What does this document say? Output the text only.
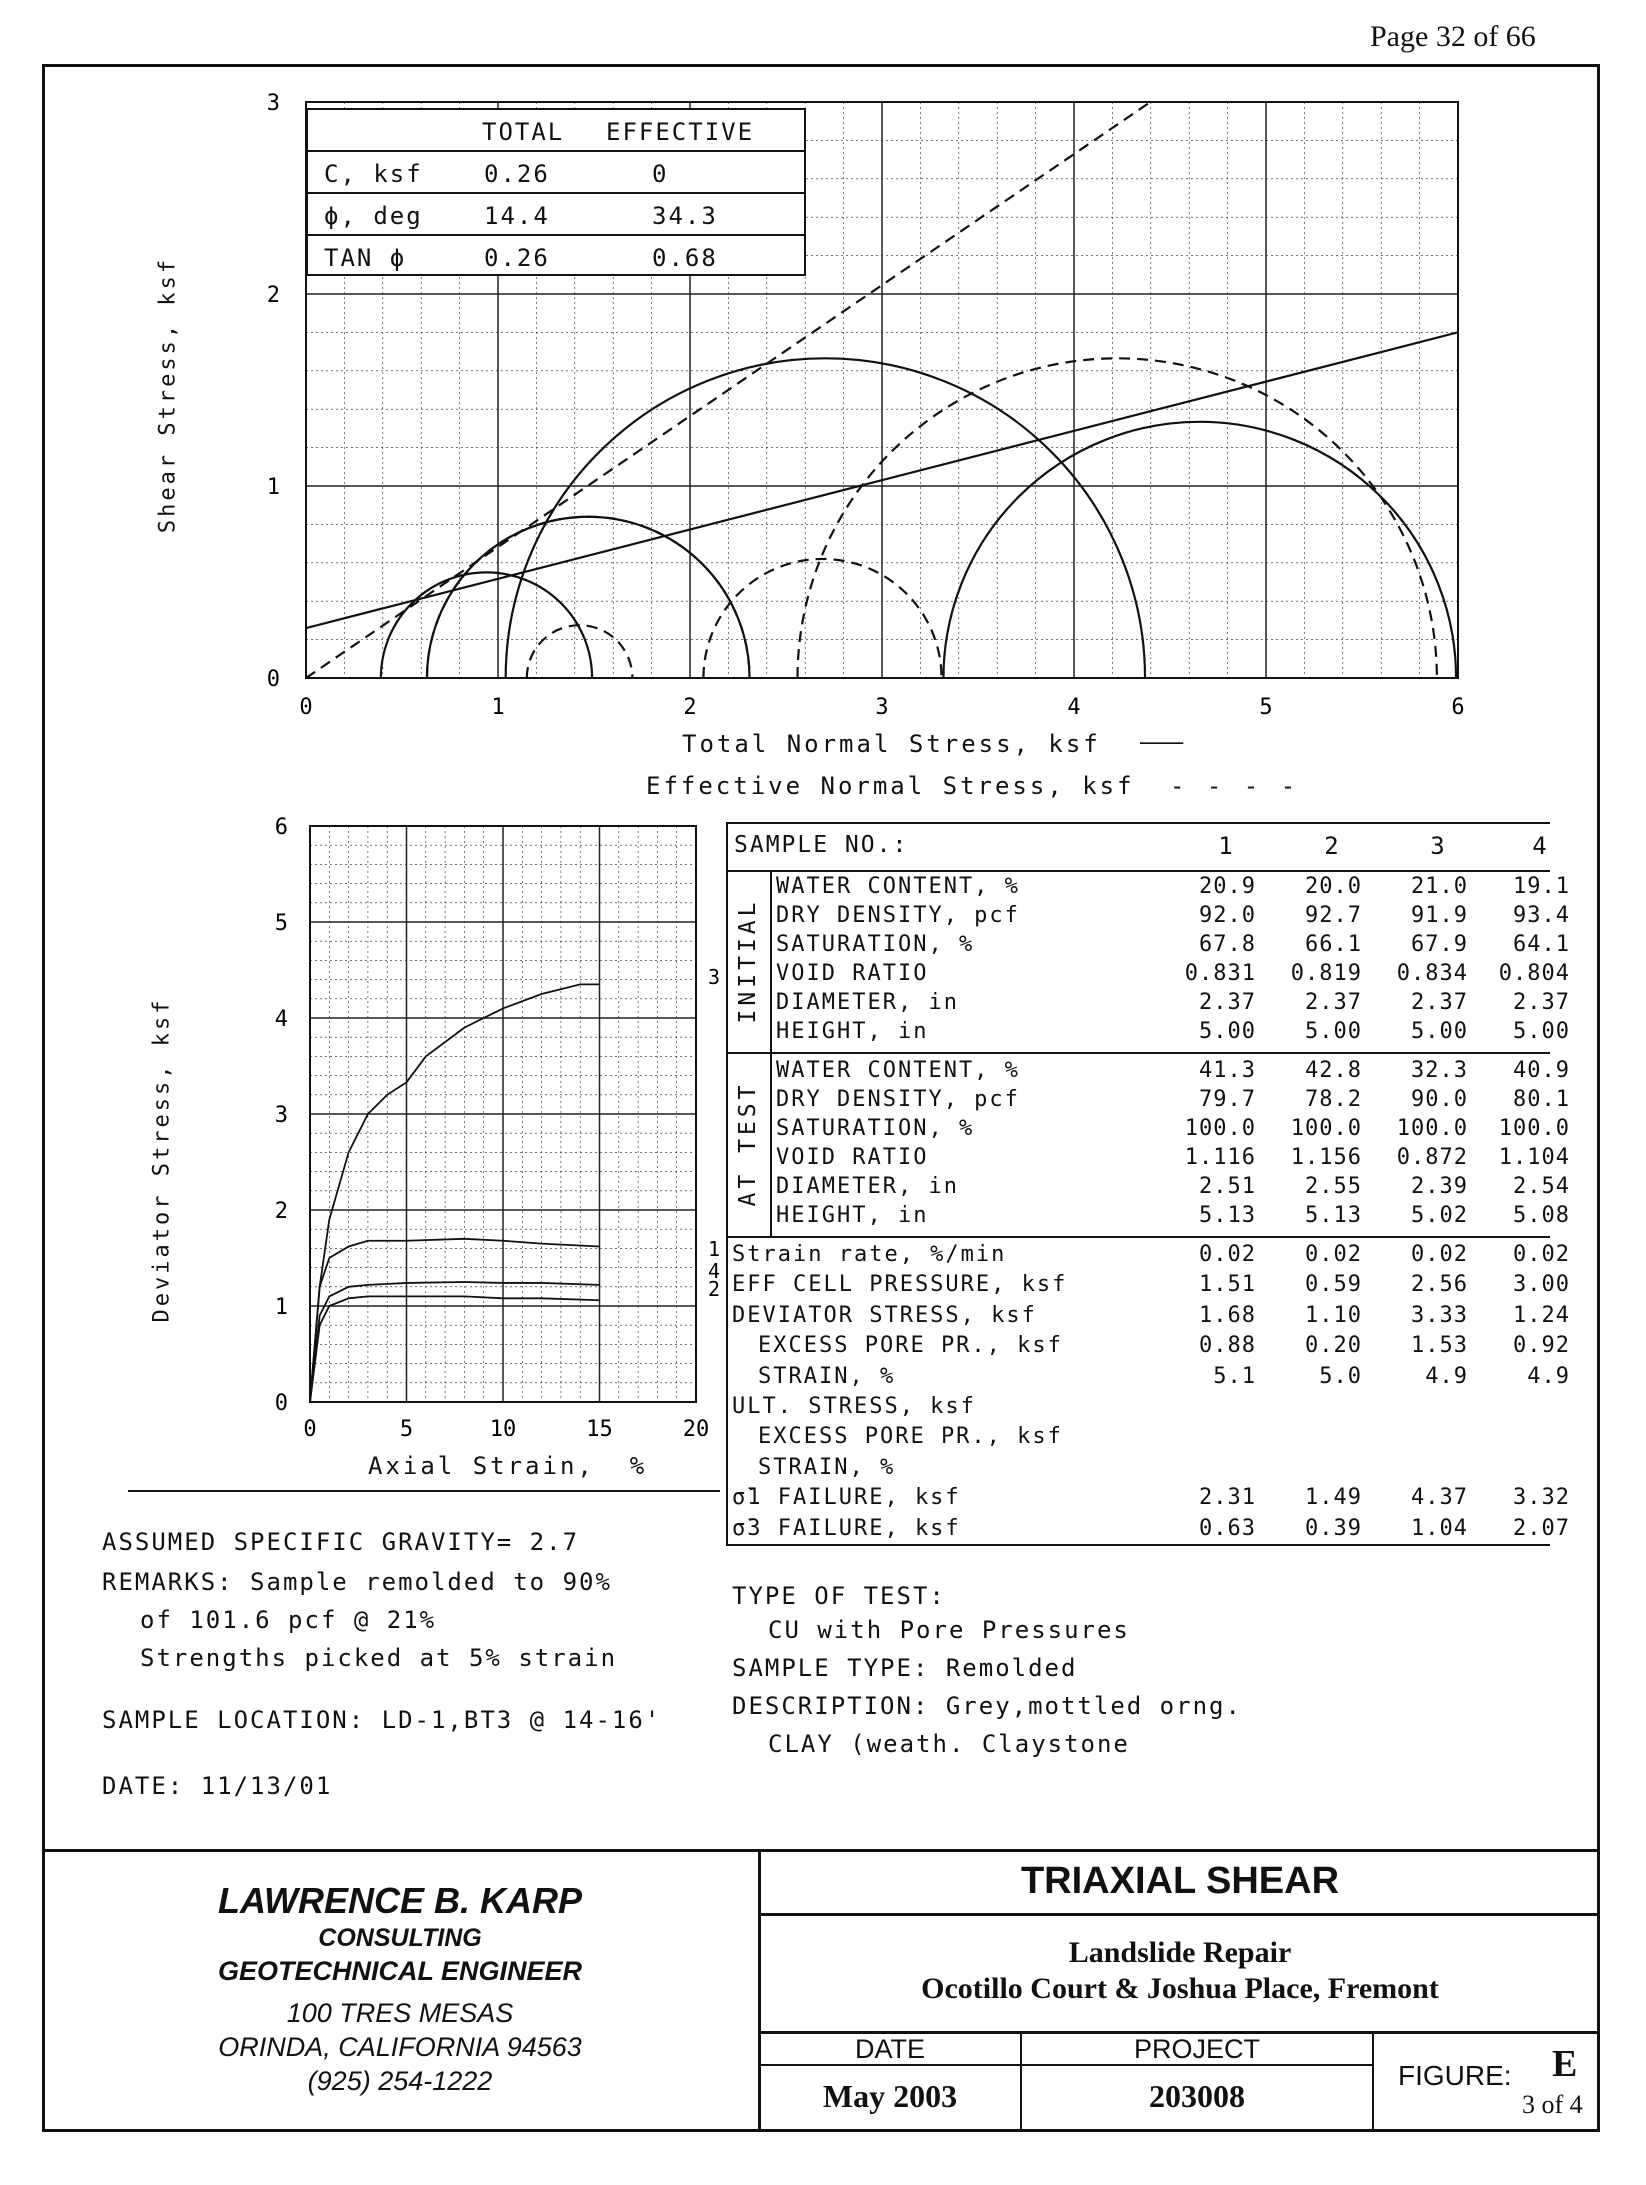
Page 32 of 66
Shear Stress, ksf
0	1	2	3	4	5	6
0
1
2
3
TOTAL EFFECTIVE
C, ksf	0.26	0
ϕ, deg	14.4	34.3
TAN ϕ	0.26	0.68
Total Normal Stress, ksf ———
Effective Normal Stress, ksf - - - -
Deviator Stress, ksf
0	5	10	15	20
0
1
2
3
4
5
6
3
1
4
2
Axial Strain,  %
SAMPLE NO.:	1	2	3	4
INITIAL
AT TEST
WATER CONTENT, %	20.9	20.0	21.0	19.1
DRY DENSITY, pcf	92.0	92.7	91.9	93.4
SATURATION, %	67.8	66.1	67.9	64.1
VOID RATIO	0.831	0.819	0.834	0.804
DIAMETER, in	2.37	2.37	2.37	2.37
HEIGHT, in	5.00	5.00	5.00	5.00
WATER CONTENT, %	41.3	42.8	32.3	40.9
DRY DENSITY, pcf	79.7	78.2	90.0	80.1
SATURATION, %	100.0	100.0	100.0	100.0
VOID RATIO	1.116	1.156	0.872	1.104
DIAMETER, in	2.51	2.55	2.39	2.54
HEIGHT, in	5.13	5.13	5.02	5.08
Strain rate, %/min	0.02	0.02	0.02	0.02
EFF CELL PRESSURE, ksf	1.51	0.59	2.56	3.00
DEVIATOR STRESS, ksf	1.68	1.10	3.33	1.24
EXCESS PORE PR., ksf	0.88	0.20	1.53	0.92
STRAIN, %	5.1	5.0	4.9	4.9
ULT. STRESS, ksf
EXCESS PORE PR., ksf
STRAIN, %
σ̄1 FAILURE, ksf	2.31	1.49	4.37	3.32
σ̄3 FAILURE, ksf	0.63	0.39	1.04	2.07
ASSUMED SPECIFIC GRAVITY= 2.7
REMARKS: Sample remolded to 90%
of 101.6 pcf @ 21%
Strengths picked at 5% strain
SAMPLE LOCATION: LD-1,BT3 @ 14-16'
DATE: 11/13/01
TYPE OF TEST:
CU with Pore Pressures
SAMPLE TYPE: Remolded
DESCRIPTION: Grey,mottled orng.
CLAY (weath. Claystone
LAWRENCE B. KARP
CONSULTING
GEOTECHNICAL ENGINEER
100 TRES MESAS
ORINDA, CALIFORNIA 94563
(925) 254-1222
TRIAXIAL SHEAR
Landslide Repair
Ocotillo Court & Joshua Place, Fremont
DATE
May 2003
PROJECT
203008
FIGURE: E
3 of 4
